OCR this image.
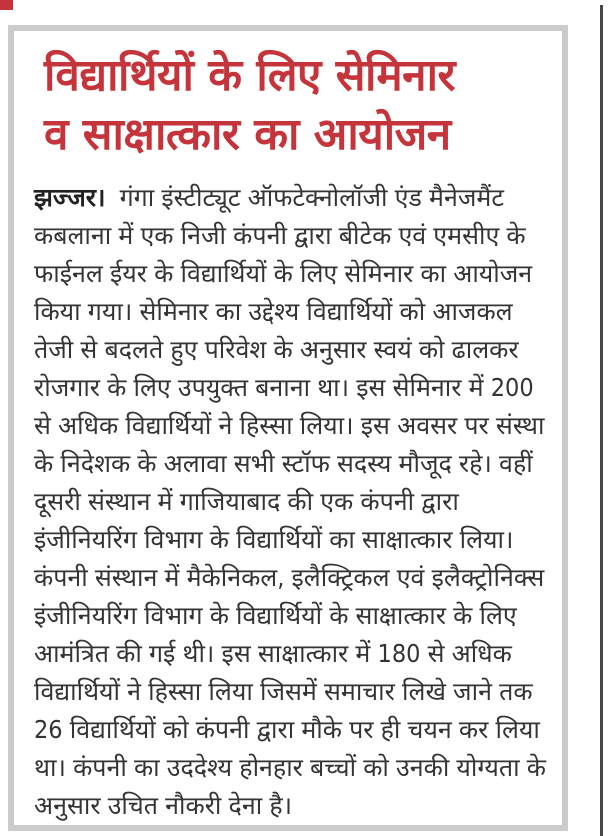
विद्यार्थियों के लिए सेमिनार
व साक्षात्कार का आयोजन

झज्जर। गंगा इंस्टीट्यूट ऑफटेक्नोलॉजी एंड मैनेजमैंट कबलाना में एक निजी कंपनी द्वारा बीटेक एवं एमसीए के फाईनल ईयर के विद्यार्थियों के लिए सेमिनार का आयोजन किया गया। सेमिनार का उद्देश्य विद्यार्थियों को आजकल तेजी से बदलते हुए परिवेश के अनुसार स्वयं को ढालकर रोजगार के लिए उपयुक्त बनाना था। इस सेमिनार में 200 से अधिक विद्यार्थियों ने हिस्सा लिया। इस अवसर पर संस्था के निदेशक के अलावा सभी स्टॉफ सदस्य मौजूद रहे। वहीं दूसरी संस्थान में गाजियाबाद की एक कंपनी द्वारा इंजीनियरिंग विभाग के विद्यार्थियों का साक्षात्कार लिया। कंपनी संस्थान में मैकेनिकल, इलैक्ट्रिकल एवं इलैक्ट्रोनिक्स इंजीनियरिंग विभाग के विद्यार्थियों के साक्षात्कार के लिए आमंत्रित की गई थी। इस साक्षात्कार में 180 से अधिक विद्यार्थियों ने हिस्सा लिया जिसमें समाचार लिखे जाने तक 26 विद्यार्थियों को कंपनी द्वारा मौके पर ही चयन कर लिया था। कंपनी का उददेश्य होनहार बच्चों को उनकी योग्यता के अनुसार उचित नौकरी देना है।
